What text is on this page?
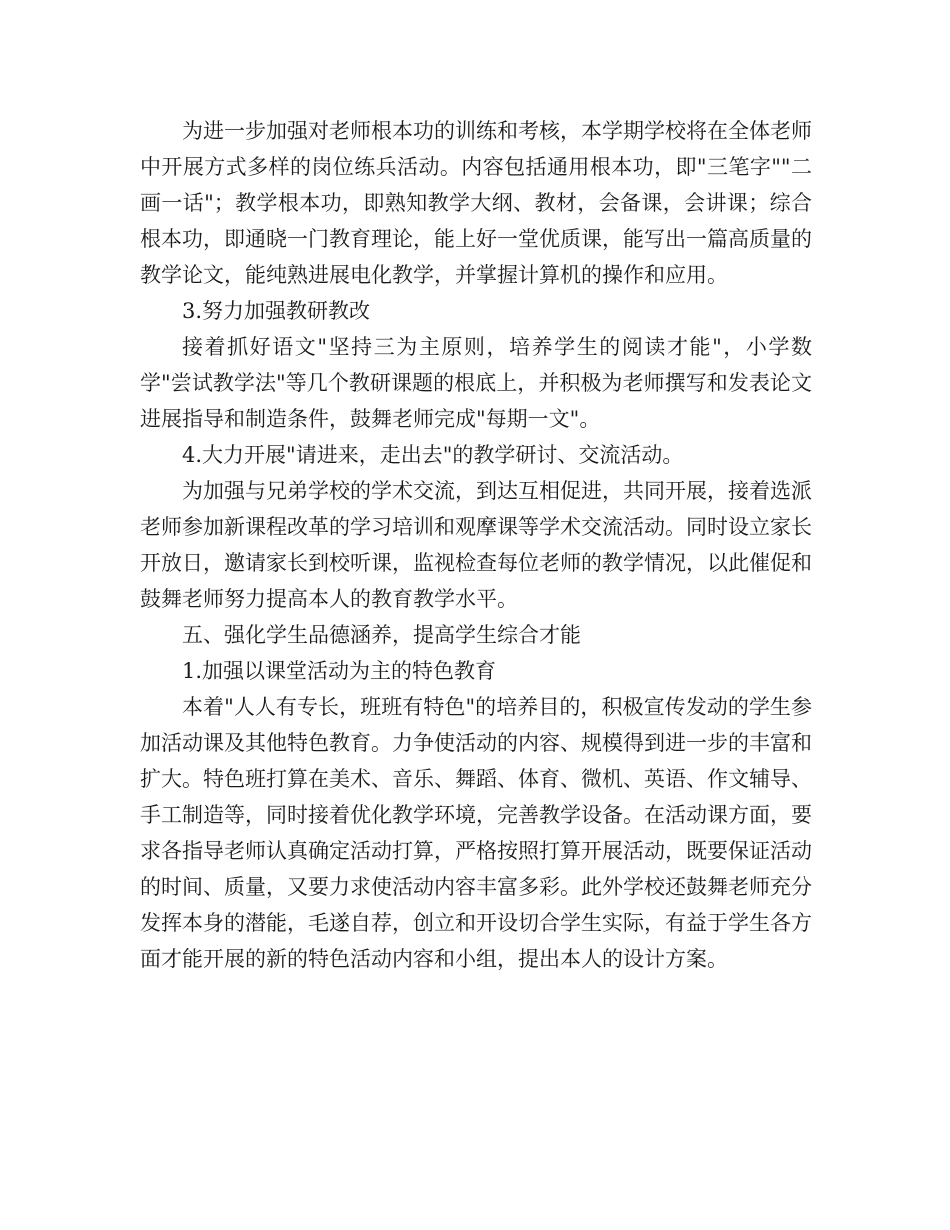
为进一步加强对老师根本功的训练和考核，本学期学校将在全体老师中开展方式多样的岗位练兵活动。内容包括通用根本功，即"三笔字""二画一话"；教学根本功，即熟知教学大纲、教材，会备课，会讲课；综合根本功，即通晓一门教育理论，能上好一堂优质课，能写出一篇高质量的教学论文，能纯熟进展电化教学，并掌握计算机的操作和应用。

3.努力加强教研教改

接着抓好语文"坚持三为主原则，培养学生的阅读才能"，小学数学"尝试教学法"等几个教研课题的根底上，并积极为老师撰写和发表论文进展指导和制造条件，鼓舞老师完成"每期一文"。

4.大力开展"请进来，走出去"的教学研讨、交流活动。

为加强与兄弟学校的学术交流，到达互相促进，共同开展，接着选派老师参加新课程改革的学习培训和观摩课等学术交流活动。同时设立家长开放日，邀请家长到校听课，监视检查每位老师的教学情况，以此催促和鼓舞老师努力提高本人的教育教学水平。

五、强化学生品德涵养，提高学生综合才能

1.加强以课堂活动为主的特色教育

本着"人人有专长，班班有特色"的培养目的，积极宣传发动的学生参加活动课及其他特色教育。力争使活动的内容、规模得到进一步的丰富和扩大。特色班打算在美术、音乐、舞蹈、体育、微机、英语、作文辅导、手工制造等，同时接着优化教学环境，完善教学设备。在活动课方面，要求各指导老师认真确定活动打算，严格按照打算开展活动，既要保证活动的时间、质量，又要力求使活动内容丰富多彩。此外学校还鼓舞老师充分发挥本身的潜能，毛遂自荐，创立和开设切合学生实际，有益于学生各方面才能开展的新的特色活动内容和小组，提出本人的设计方案。
